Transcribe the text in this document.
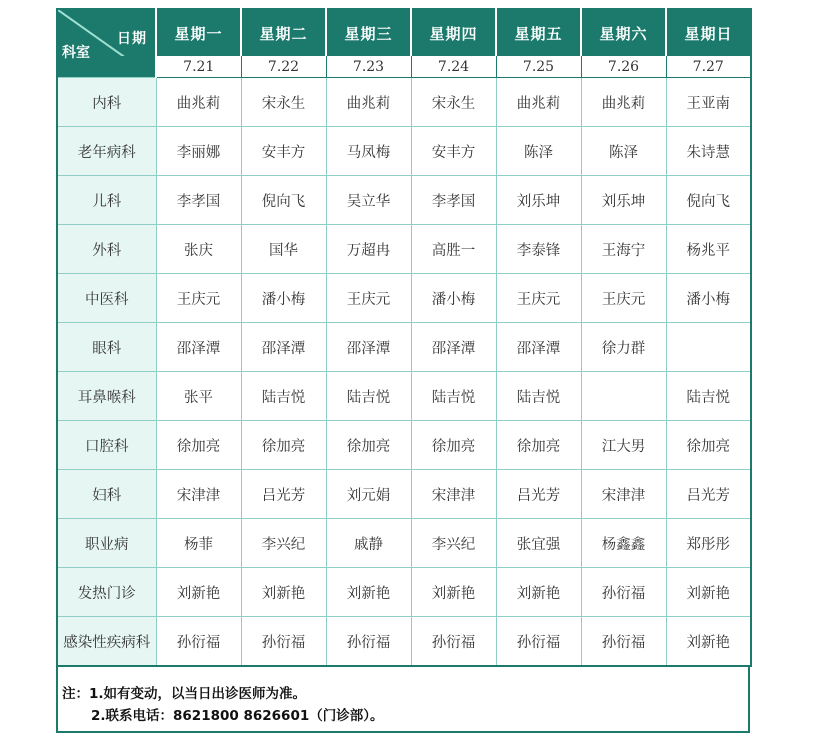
日期	星期一	星期二	星期三	星期四	星期五	星期六	星期日

科室	7.21	7.22	7.23	7.24	7.25	7.26	7.27
内科	曲兆莉	宋永生	曲兆莉	宋永生	曲兆莉	曲兆莉	王亚南
老年病科	李丽娜	安丰方	马凤梅	安丰方	陈泽	陈泽	朱诗慧
儿科	李孝国	倪向飞	吴立华	李孝国	刘乐坤	刘乐坤	倪向飞
外科	张庆	国华	万超冉	高胜一	李泰锋	王海宁	杨兆平
中医科	王庆元	潘小梅	王庆元	潘小梅	王庆元	王庆元	潘小梅
眼科	邵泽潭	邵泽潭	邵泽潭	邵泽潭	邵泽潭	徐力群	
耳鼻喉科	张平	陆吉悦	陆吉悦	陆吉悦	陆吉悦		陆吉悦
口腔科	徐加亮	徐加亮	徐加亮	徐加亮	徐加亮	江大男	徐加亮
妇科	宋津津	吕光芳	刘元娟	宋津津	吕光芳	宋津津	吕光芳
职业病	杨菲	李兴纪	戚静	李兴纪	张宜强	杨鑫鑫	郑彤彤
发热门诊	刘新艳	刘新艳	刘新艳	刘新艳	刘新艳	孙衍福	刘新艳
感染性疾病科	孙衍福	孙衍福	孙衍福	孙衍福	孙衍福	孙衍福	刘新艳
注：1.如有变动，以当日出诊医师为准。
2.联系电话：8621800 8626601（门诊部）。
